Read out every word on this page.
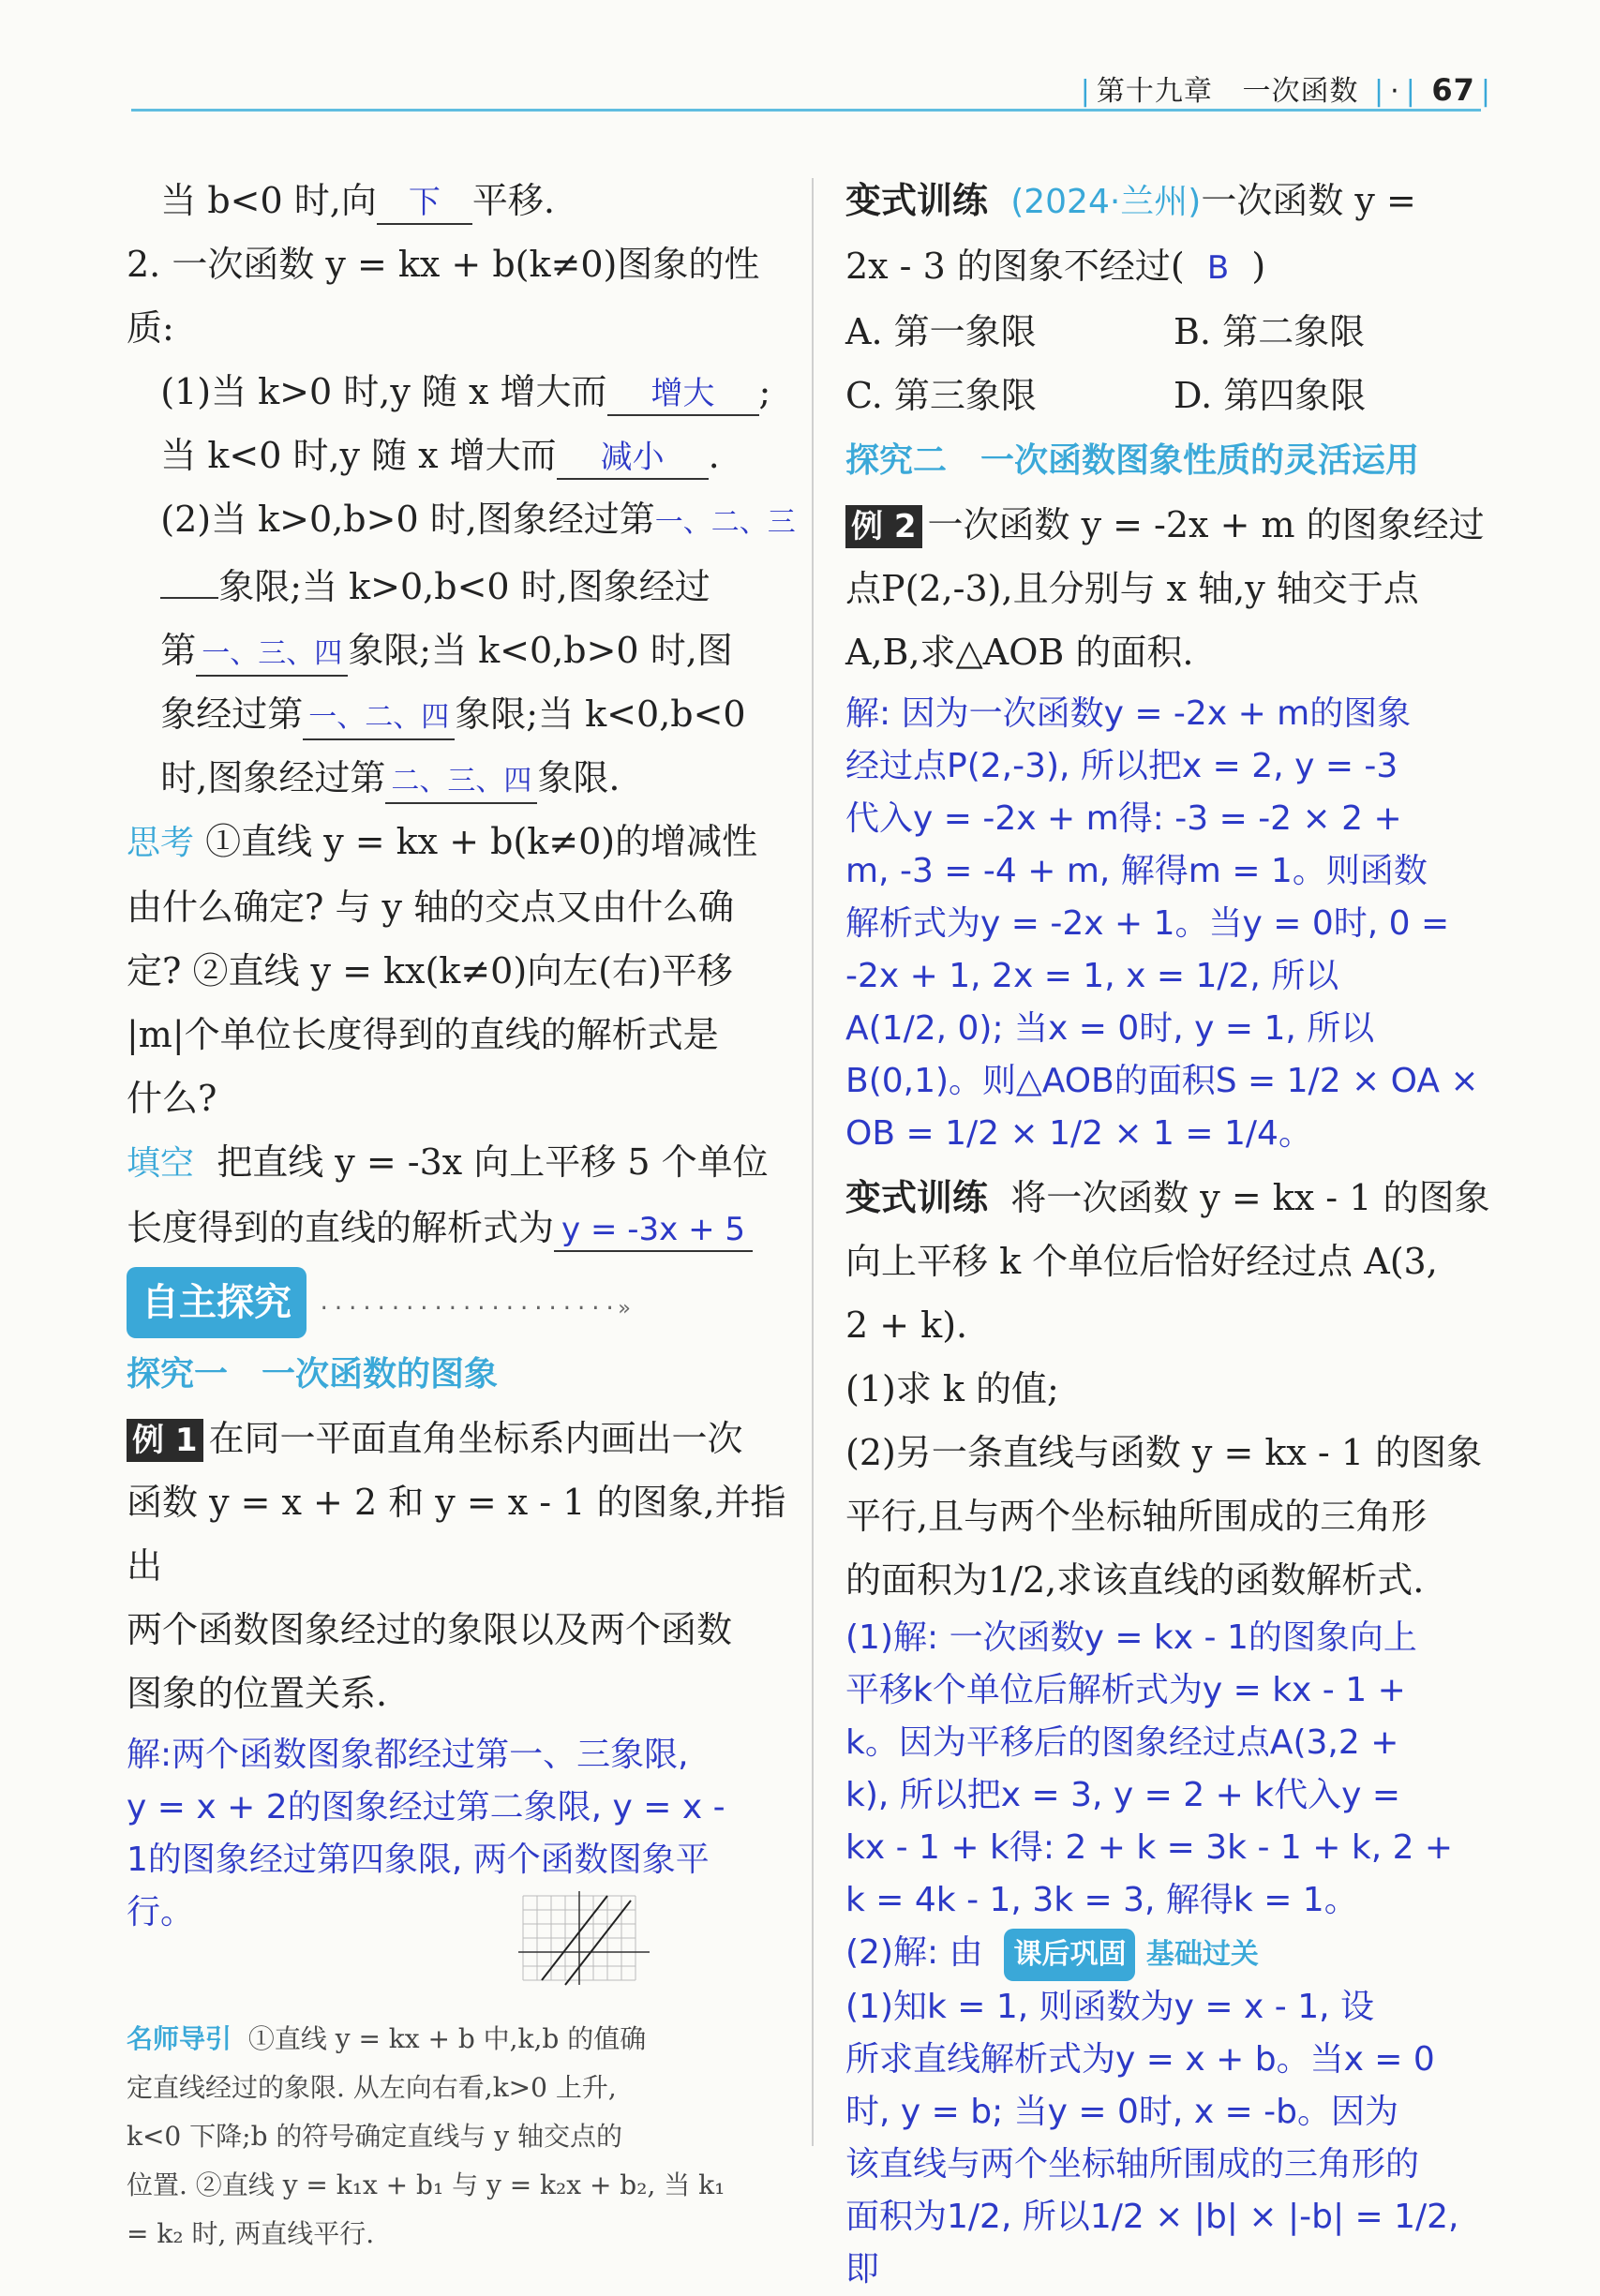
| 第十九章 一次函数 | · | 67 |

当 b<0 时,向 下 平移.

2. 一次函数 y = kx + b(k≠0)图象的性质:

(1)当 k>0 时,y 随 x 增大而 增大 ;

当 k<0 时,y 随 x 增大而 减小 .

(2)当 k>0,b>0 时,图象经过第一、二、三

象限;当 k>0,b<0 时,图象经过

第 一、三、四 象限;当 k<0,b>0 时,图

象经过第 一、二、四 象限;当 k<0,b<0

时,图象经过第 二、三、四 象限.

思考 ①直线 y = kx + b(k≠0)的增减性

由什么确定? 与 y 轴的交点又由什么确

定? ②直线 y = kx(k≠0)向左(右)平移

|m|个单位长度得到的直线的解析式是

什么?

填空 把直线 y = -3x 向上平移 5 个单位

长度得到的直线的解析式为 y = -3x + 5

自主探究 ·····················»

探究一　一次函数的图象

例 1 在同一平面直角坐标系内画出一次

函数 y = x + 2 和 y = x - 1 的图象,并指出

两个函数图象经过的象限以及两个函数

图象的位置关系.

解:两个函数图象都经过第一、三象限,
y = x + 2的图象经过第二象限, y = x -
1的图象经过第四象限, 两个函数图象平
行。
名师导引 ①直线 y = kx + b 中,k,b 的值确
定直线经过的象限. 从左向右看,k>0 上升,
k<0 下降;b 的符号确定直线与 y 轴交点的
位置. ②直线 y = k₁x + b₁ 与 y = k₂x + b₂, 当 k₁
= k₂ 时, 两直线平行.

变式训练 (2024·兰州)一次函数 y =

2x - 3 的图象不经过( B )

A. 第一象限	B. 第二象限
C. 第三象限	D. 第四象限

探究二　一次函数图象性质的灵活运用

例 2 一次函数 y = -2x + m 的图象经过

点P(2,-3),且分别与 x 轴,y 轴交于点

A,B,求△AOB 的面积.

解: 因为一次函数y = -2x + m的图象
经过点P(2,-3), 所以把x = 2, y = -3
代入y = -2x + m得: -3 = -2 × 2 +
m, -3 = -4 + m, 解得m = 1。则函数
解析式为y = -2x + 1。当y = 0时, 0 =
-2x + 1, 2x = 1, x = 1/2, 所以
A(1/2, 0); 当x = 0时, y = 1, 所以
B(0,1)。则△AOB的面积S = 1/2 × OA ×
OB = 1/2 × 1/2 × 1 = 1/4。

变式训练 将一次函数 y = kx - 1 的图象

向上平移 k 个单位后恰好经过点 A(3,

2 + k).

(1)求 k 的值;

(2)另一条直线与函数 y = kx - 1 的图象

平行,且与两个坐标轴所围成的三角形

的面积为1/2,求该直线的函数解析式.

(1)解: 一次函数y = kx - 1的图象向上
平移k个单位后解析式为y = kx - 1 +
k。因为平移后的图象经过点A(3,2 +
k), 所以把x = 3, y = 2 + k代入y =
kx - 1 + k得: 2 + k = 3k - 1 + k, 2 +
k = 4k - 1, 3k = 3, 解得k = 1。
(2)解: 由 课后巩固 基础过关
(1)知k = 1, 则函数为y = x - 1, 设
所求直线解析式为y = x + b。当x = 0
时, y = b; 当y = 0时, x = -b。因为
该直线与两个坐标轴所围成的三角形的
面积为1/2, 所以1/2 × |b| × |-b| = 1/2, 即
